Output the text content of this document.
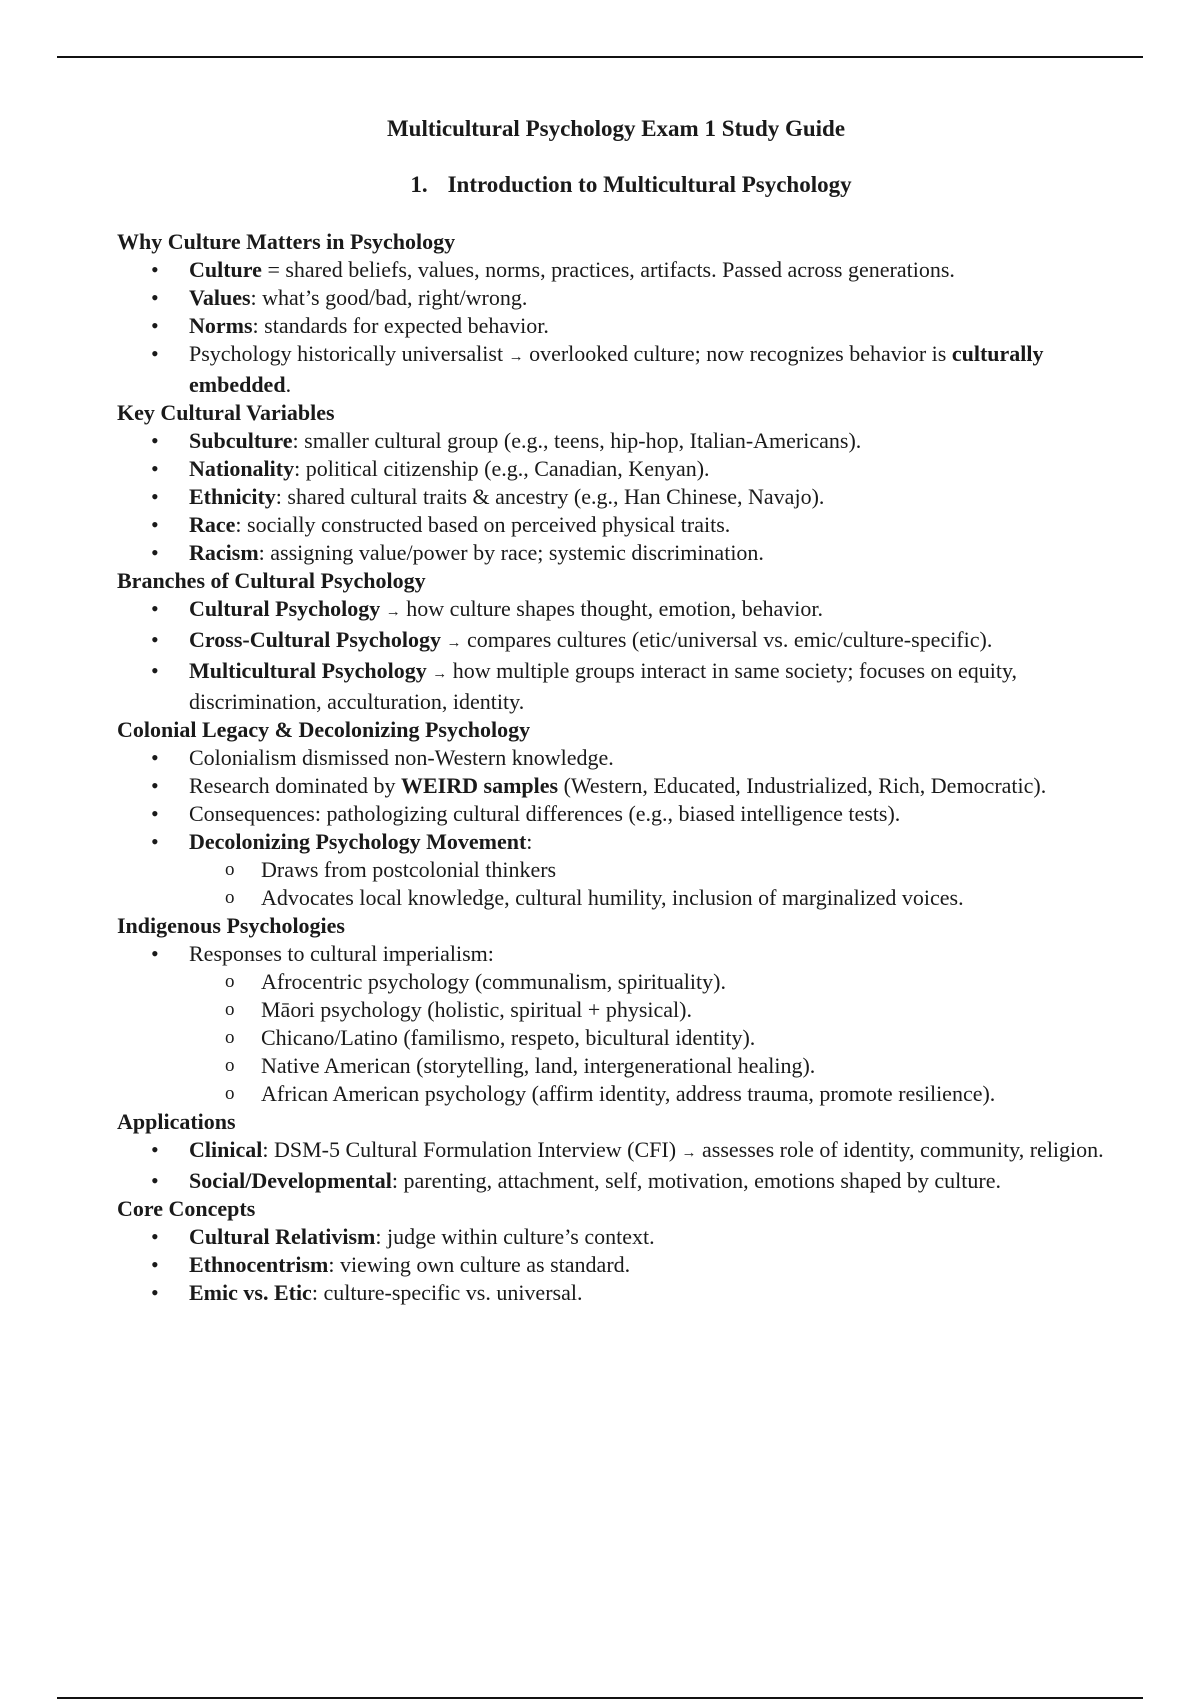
Multicultural Psychology Exam 1 Study Guide
1. Introduction to Multicultural Psychology

Why Culture Matters in Psychology

• Culture = shared beliefs, values, norms, practices, artifacts. Passed across generations.
• Values: what’s good/bad, right/wrong.
• Norms: standards for expected behavior.
• Psychology historically universalist → overlooked culture; now recognizes behavior is culturally embedded.

Key Cultural Variables

• Subculture: smaller cultural group (e.g., teens, hip-hop, Italian-Americans).
• Nationality: political citizenship (e.g., Canadian, Kenyan).
• Ethnicity: shared cultural traits & ancestry (e.g., Han Chinese, Navajo).
• Race: socially constructed based on perceived physical traits.
• Racism: assigning value/power by race; systemic discrimination.

Branches of Cultural Psychology

• Cultural Psychology → how culture shapes thought, emotion, behavior.
• Cross-Cultural Psychology → compares cultures (etic/universal vs. emic/culture-specific).
• Multicultural Psychology → how multiple groups interact in same society; focuses on equity, discrimination, acculturation, identity.

Colonial Legacy & Decolonizing Psychology

• Colonialism dismissed non-Western knowledge.
• Research dominated by WEIRD samples (Western, Educated, Industrialized, Rich, Democratic).
• Consequences: pathologizing cultural differences (e.g., biased intelligence tests).
• Decolonizing Psychology Movement:
o Draws from postcolonial thinkers
o Advocates local knowledge, cultural humility, inclusion of marginalized voices.

Indigenous Psychologies

• Responses to cultural imperialism:
o Afrocentric psychology (communalism, spirituality).
o Māori psychology (holistic, spiritual + physical).
o Chicano/Latino (familismo, respeto, bicultural identity).
o Native American (storytelling, land, intergenerational healing).
o African American psychology (affirm identity, address trauma, promote resilience).

Applications

• Clinical: DSM-5 Cultural Formulation Interview (CFI) → assesses role of identity, community, religion.
• Social/Developmental: parenting, attachment, self, motivation, emotions shaped by culture.

Core Concepts

• Cultural Relativism: judge within culture’s context.
• Ethnocentrism: viewing own culture as standard.
• Emic vs. Etic: culture-specific vs. universal.
